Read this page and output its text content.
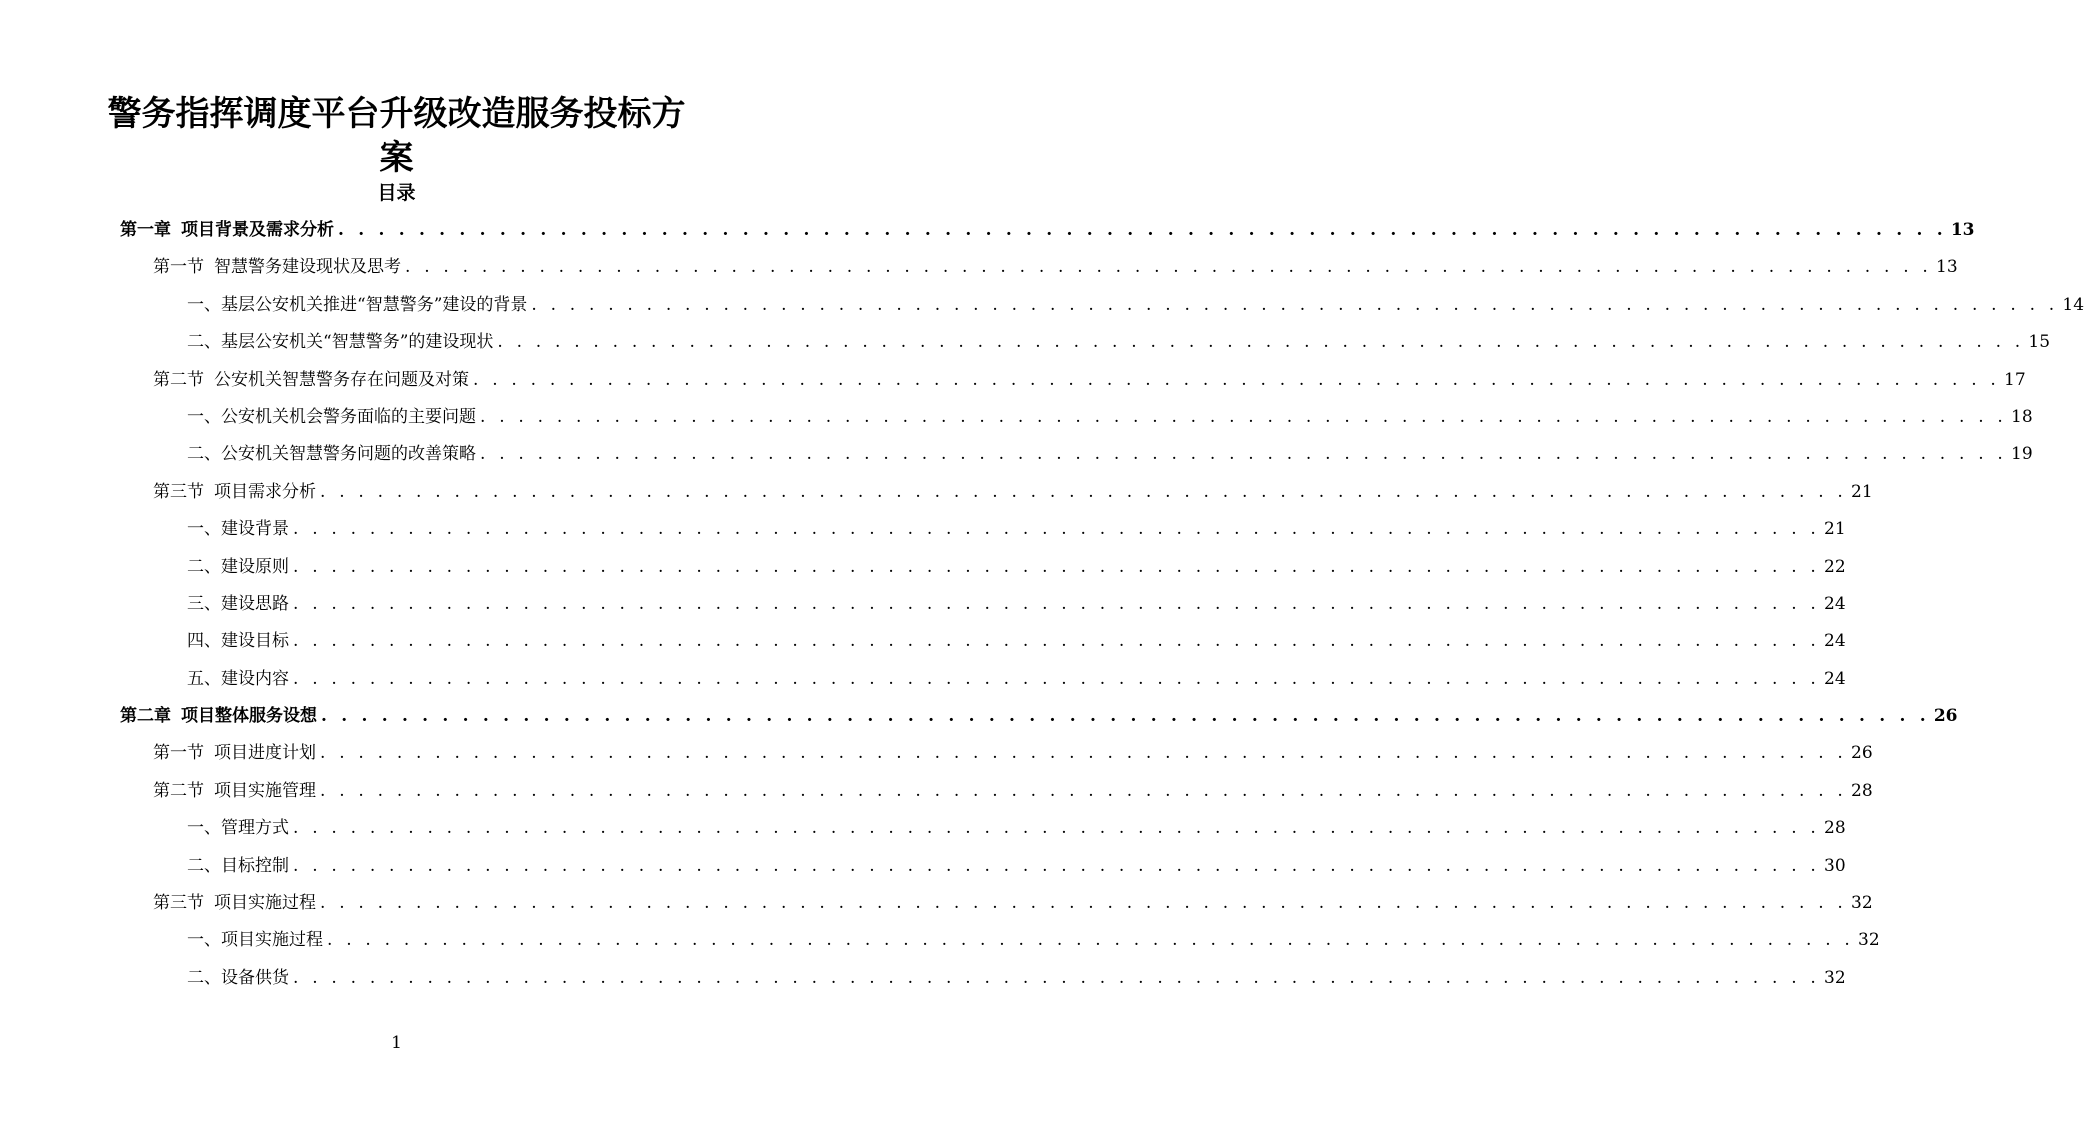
警务指挥调度平台升级改造服务投标方案
目录
第一章 项目背景及需求分析 . . . . . . . . . . . . . . . . . . . . . . . . . . . . . . . . . . . . . . . . . . . . . . . . . . . . . . . . . . . . . . . . . . . . . . . . . . . . . . . . 13
第一节 智慧警务建设现状及思考 . . . . . . . . . . . . . . . . . . . . . . . . . . . . . . . . . . . . . . . . . . . . . . . . . . . . . . . . . . . . . . . . . . . . . . . . . . . . . . . . 13
一、基层公安机关推进“智慧警务”建设的背景 . . . . . . . . . . . . . . . . . . . . . . . . . . . . . . . . . . . . . . . . . . . . . . . . . . . . . . . . . . . . . . . . . . . . . . . . . . . . . . . . 14
二、基层公安机关“智慧警务”的建设现状 . . . . . . . . . . . . . . . . . . . . . . . . . . . . . . . . . . . . . . . . . . . . . . . . . . . . . . . . . . . . . . . . . . . . . . . . . . . . . . . . 15
第二节 公安机关智慧警务存在问题及对策 . . . . . . . . . . . . . . . . . . . . . . . . . . . . . . . . . . . . . . . . . . . . . . . . . . . . . . . . . . . . . . . . . . . . . . . . . . . . . . . . 17
一、公安机关机会警务面临的主要问题 . . . . . . . . . . . . . . . . . . . . . . . . . . . . . . . . . . . . . . . . . . . . . . . . . . . . . . . . . . . . . . . . . . . . . . . . . . . . . . . . 18
二、公安机关智慧警务问题的改善策略 . . . . . . . . . . . . . . . . . . . . . . . . . . . . . . . . . . . . . . . . . . . . . . . . . . . . . . . . . . . . . . . . . . . . . . . . . . . . . . . . 19
第三节 项目需求分析 . . . . . . . . . . . . . . . . . . . . . . . . . . . . . . . . . . . . . . . . . . . . . . . . . . . . . . . . . . . . . . . . . . . . . . . . . . . . . . . . 21
一、建设背景 . . . . . . . . . . . . . . . . . . . . . . . . . . . . . . . . . . . . . . . . . . . . . . . . . . . . . . . . . . . . . . . . . . . . . . . . . . . . . . . . 21
二、建设原则 . . . . . . . . . . . . . . . . . . . . . . . . . . . . . . . . . . . . . . . . . . . . . . . . . . . . . . . . . . . . . . . . . . . . . . . . . . . . . . . . 22
三、建设思路 . . . . . . . . . . . . . . . . . . . . . . . . . . . . . . . . . . . . . . . . . . . . . . . . . . . . . . . . . . . . . . . . . . . . . . . . . . . . . . . . 24
四、建设目标 . . . . . . . . . . . . . . . . . . . . . . . . . . . . . . . . . . . . . . . . . . . . . . . . . . . . . . . . . . . . . . . . . . . . . . . . . . . . . . . . 24
五、建设内容 . . . . . . . . . . . . . . . . . . . . . . . . . . . . . . . . . . . . . . . . . . . . . . . . . . . . . . . . . . . . . . . . . . . . . . . . . . . . . . . . 24
第二章 项目整体服务设想 . . . . . . . . . . . . . . . . . . . . . . . . . . . . . . . . . . . . . . . . . . . . . . . . . . . . . . . . . . . . . . . . . . . . . . . . . . . . . . . . 26
第一节 项目进度计划 . . . . . . . . . . . . . . . . . . . . . . . . . . . . . . . . . . . . . . . . . . . . . . . . . . . . . . . . . . . . . . . . . . . . . . . . . . . . . . . . 26
第二节 项目实施管理 . . . . . . . . . . . . . . . . . . . . . . . . . . . . . . . . . . . . . . . . . . . . . . . . . . . . . . . . . . . . . . . . . . . . . . . . . . . . . . . . 28
一、管理方式 . . . . . . . . . . . . . . . . . . . . . . . . . . . . . . . . . . . . . . . . . . . . . . . . . . . . . . . . . . . . . . . . . . . . . . . . . . . . . . . . 28
二、目标控制 . . . . . . . . . . . . . . . . . . . . . . . . . . . . . . . . . . . . . . . . . . . . . . . . . . . . . . . . . . . . . . . . . . . . . . . . . . . . . . . . 30
第三节 项目实施过程 . . . . . . . . . . . . . . . . . . . . . . . . . . . . . . . . . . . . . . . . . . . . . . . . . . . . . . . . . . . . . . . . . . . . . . . . . . . . . . . . 32
一、项目实施过程 . . . . . . . . . . . . . . . . . . . . . . . . . . . . . . . . . . . . . . . . . . . . . . . . . . . . . . . . . . . . . . . . . . . . . . . . . . . . . . . . 32
二、设备供货 . . . . . . . . . . . . . . . . . . . . . . . . . . . . . . . . . . . . . . . . . . . . . . . . . . . . . . . . . . . . . . . . . . . . . . . . . . . . . . . . 32
1
